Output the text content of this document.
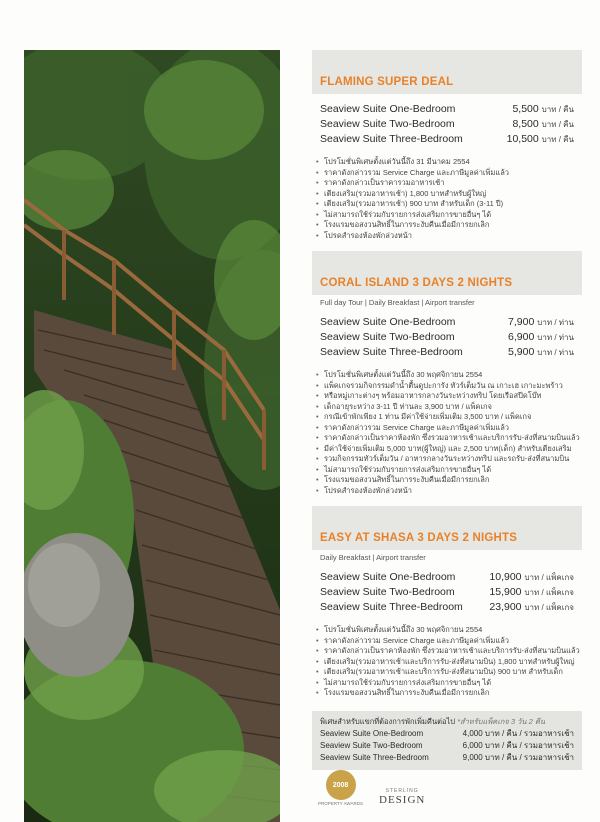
FLAMING SUPER DEAL
Seaview Suite One-Bedroom	5,500 บาท / คืน
Seaview Suite Two-Bedroom	8,500 บาท / คืน
Seaview Suite Three-Bedroom	10,500 บาท / คืน
• โปรโมชั่นพิเศษตั้งแต่วันนี้ถึง 31 มีนาคม 2554
• ราคาดังกล่าวรวม Service Charge และภาษีมูลค่าเพิ่มแล้ว
• ราคาดังกล่าวเป็นราคารวมอาหารเช้า
• เตียงเสริม(รวมอาหารเช้า) 1,800 บาทสำหรับผู้ใหญ่
• เตียงเสริม(รวมอาหารเช้า) 900 บาท สำหรับเด็ก (3-11 ปี)
• ไม่สามารถใช้ร่วมกับรายการส่งเสริมการขายอื่นๆ ได้
• โรงแรมขอสงวนสิทธิ์ในการระงับคืนเมื่อมีการยกเลิก
• โปรดสำรองห้องพักล่วงหน้า
CORAL ISLAND 3 DAYS 2 NIGHTS
Full day Tour | Daily Breakfast | Airport transfer
Seaview Suite One-Bedroom	7,900 บาท / ท่าน
Seaview Suite Two-Bedroom	6,900 บาท / ท่าน
Seaview Suite Three-Bedroom	5,900 บาท / ท่าน
• โปรโมชั่นพิเศษตั้งแต่วันนี้ถึง 30 พฤศจิกายน 2554
• แพ็คเกจรวมกิจกรรมดำน้ำตื้นดูปะการัง ทัวร์เต็มวัน ณ เกาะเฮ เกาะมะพร้าว
• หรือหมู่เกาะต่างๆ พร้อมอาหารกลางวันระหว่างทริป โดยเรือสปีดโบ๊ท
• เด็กอายุระหว่าง 3-11 ปี ท่านละ 3,900 บาท / แพ็คเกจ
• กรณีเข้าพักเพียง 1 ท่าน มีค่าใช้จ่ายเพิ่มเติม 3,500 บาท / แพ็คเกจ
• ราคาดังกล่าวรวม Service Charge และภาษีมูลค่าเพิ่มแล้ว
• ราคาดังกล่าวเป็นราคาห้องพัก ซึ่งรวมอาหารเช้าและบริการรับ-ส่งที่สนามบินแล้ว
• มีค่าใช้จ่ายเพิ่มเติม 5,000 บาท(ผู้ใหญ่) และ 2,500 บาท(เด็ก) สำหรับเตียงเสริม
• รวมกิจกรรมทัวร์เต็มวัน / อาหารกลางวันระหว่างทริป และรถรับ-ส่งที่สนามบิน
• ไม่สามารถใช้ร่วมกับรายการส่งเสริมการขายอื่นๆ ได้
• โรงแรมขอสงวนสิทธิ์ในการระงับคืนเมื่อมีการยกเลิก
• โปรดสำรองห้องพักล่วงหน้า
EASY AT SHASA 3 DAYS 2 NIGHTS
Daily Breakfast | Airport transfer
Seaview Suite One-Bedroom	10,900 บาท / แพ็คเกจ
Seaview Suite Two-Bedroom	15,900 บาท / แพ็คเกจ
Seaview Suite Three-Bedroom	23,900 บาท / แพ็คเกจ
• โปรโมชั่นพิเศษตั้งแต่วันนี้ถึง 30 พฤศจิกายน 2554
• ราคาดังกล่าวรวม Service Charge และภาษีมูลค่าเพิ่มแล้ว
• ราคาดังกล่าวเป็นราคาห้องพัก ซึ่งรวมอาหารเช้าและบริการรับ-ส่งที่สนามบินแล้ว
• เตียงเสริม(รวมอาหารเช้าและบริการรับ-ส่งที่สนามบิน) 1,800 บาทสำหรับผู้ใหญ่
• เตียงเสริม(รวมอาหารเช้าและบริการรับ-ส่งที่สนามบิน) 900 บาท สำหรับเด็ก
• ไม่สามารถใช้ร่วมกับรายการส่งเสริมการขายอื่นๆ ได้
• โรงแรมขอสงวนสิทธิ์ในการระงับคืนเมื่อมีการยกเลิก
พิเศษสำหรับแขกที่ต้องการพักเพิ่มคืนต่อไป *สำหรับแพ็คเกจ 3 วัน 2 คืน
Seaview Suite One-Bedroom	4,000 บาท / คืน / รวมอาหารเช้า
Seaview Suite Two-Bedroom	6,000 บาท / คืน / รวมอาหารเช้า
Seaview Suite Three-Bedroom	9,000 บาท / คืน / รวมอาหารเช้า
2008
PROPERTY AWARDS
STERLING
DESIGN
